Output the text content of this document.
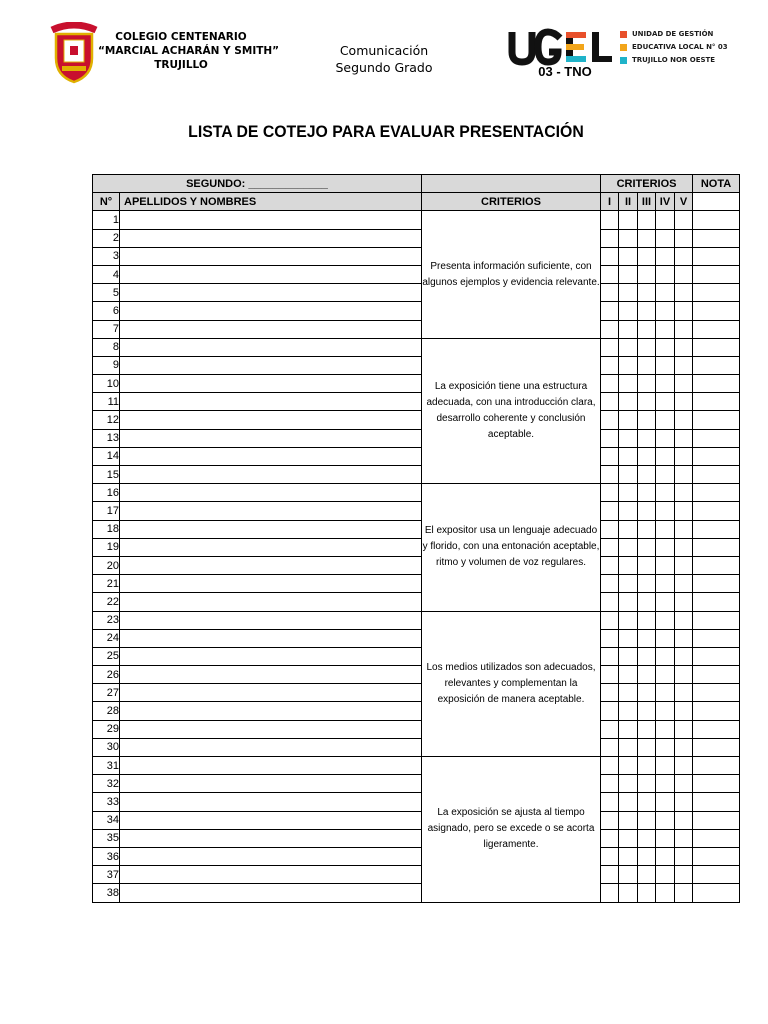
COLEGIO CENTENARIO
“MARCIAL ACHARÁN Y SMITH”
TRUJILLO
Comunicación
Segundo Grado	03 - TNO
UNIDAD DE GESTIÓN
EDUCATIVA LOCAL N° 03
TRUJILLO NOR OESTE
LISTA DE COTEJO PARA EVALUAR PRESENTACIÓN
SEGUNDO: _____________			CRITERIOS					NOTA
N°	APELLIDOS Y NOMBRES	CRITERIOS	I	II	III	IV	V	
1		Presenta información suficiente, con algunos ejemplos y evidencia relevante.						
2								
3								
4								
5								
6								
7								
8		La exposición tiene una estructura adecuada, con una introducción clara, desarrollo coherente y conclusión aceptable.						
9								
10								
11								
12								
13								
14								
15								
16		El expositor usa un lenguaje adecuado y florido, con una entonación aceptable, ritmo y volumen de voz regulares.						
17								
18								
19								
20								
21								
22								
23		Los medios utilizados son adecuados, relevantes y complementan la exposición de manera aceptable.						
24								
25								
26								
27								
28								
29								
30								
31		La exposición se ajusta al tiempo asignado, pero se excede o se acorta ligeramente.						
32								
33								
34								
35								
36								
37								
38								
